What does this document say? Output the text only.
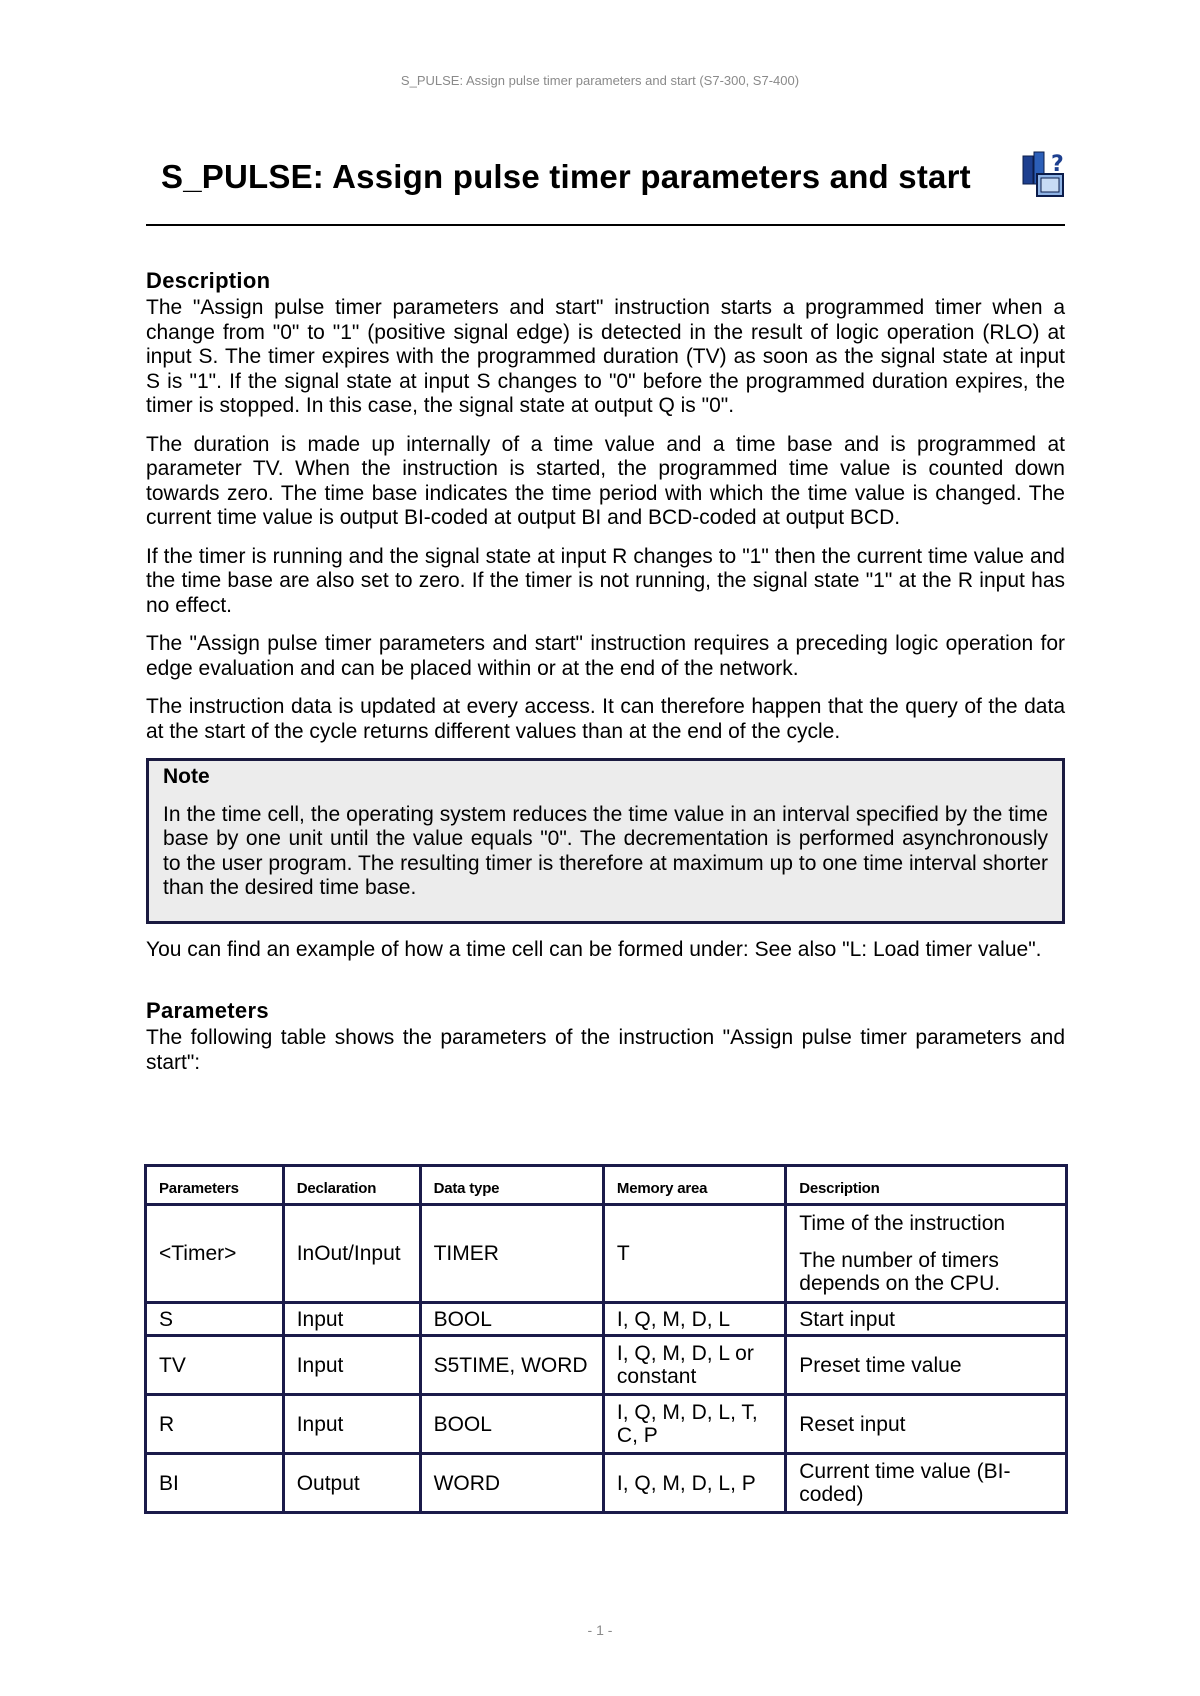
S_PULSE: Assign pulse timer parameters and start (S7-300, S7-400)
S_PULSE: Assign pulse timer parameters and start	?
Description

The "Assign pulse timer parameters and start" instruction starts a programmed timer when a change from "0" to "1" (positive signal edge) is detected in the result of logic operation (RLO) at input S. The timer expires with the programmed duration (TV) as soon as the signal state at input S is "1". If the signal state at input S changes to "0" before the programmed duration expires, the timer is stopped. In this case, the signal state at output Q is "0".

The duration is made up internally of a time value and a time base and is programmed at parameter TV. When the instruction is started, the programmed time value is counted down towards zero. The time base indicates the time period with which the time value is changed. The current time value is output BI-coded at output BI and BCD-coded at output BCD.

If the timer is running and the signal state at input R changes to "1" then the current time value and the time base are also set to zero. If the timer is not running, the signal state "1" at the R input has no effect.

The "Assign pulse timer parameters and start" instruction requires a preceding logic operation for edge evaluation and can be placed within or at the end of the network.

The instruction data is updated at every access. It can therefore happen that the query of the data at the start of the cycle returns different values than at the end of the cycle.

Note

In the time cell, the operating system reduces the time value in an interval specified by the time base by one unit until the value equals "0". The decrementation is performed asynchronously to the user program. The resulting timer is therefore at maximum up to one time interval shorter than the desired time base.

You can find an example of how a time cell can be formed under: See also "L: Load timer value".

Parameters

The following table shows the parameters of the instruction "Assign pulse timer parameters and start":

Parameters	Declaration	Data type	Memory area	Description
<Timer>	InOut/Input	TIMER	T	Time of the instruction
The number of timers depends on the CPU.

S	Input	BOOL	I, Q, M, D, L	Start input
TV	Input	S5TIME, WORD	I, Q, M, D, L or constant	Preset time value
R	Input	BOOL	I, Q, M, D, L, T, C, P	Reset input
BI	Output	WORD	I, Q, M, D, L, P	Current time value (BI-coded)
- 1 -
